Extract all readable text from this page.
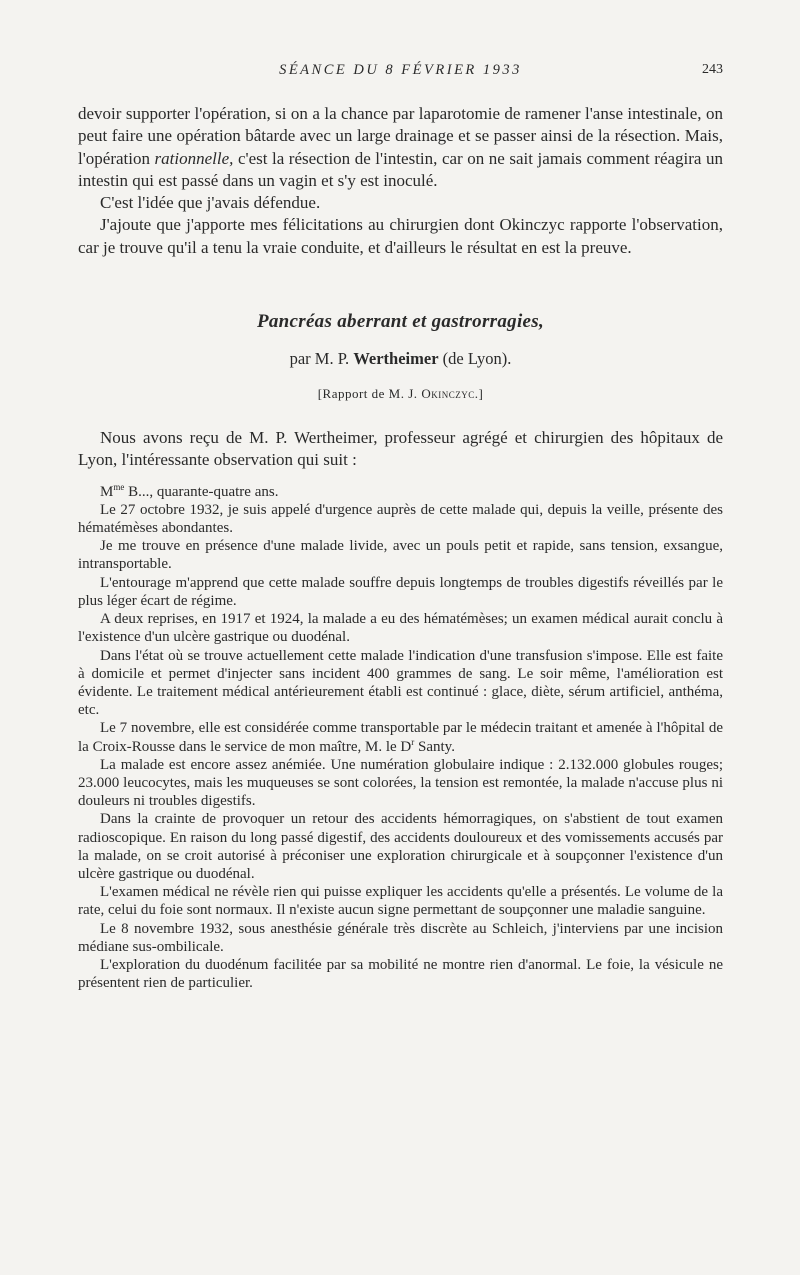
SÉANCE DU 8 FÉVRIER 1933	243

devoir supporter l'opération, si on a la chance par laparotomie de ramener l'anse intestinale, on peut faire une opération bâtarde avec un large drainage et se passer ainsi de la résection. Mais, l'opération rationnelle, c'est la résection de l'intestin, car on ne sait jamais comment réagira un intestin qui est passé dans un vagin et s'y est inoculé.

C'est l'idée que j'avais défendue.

J'ajoute que j'apporte mes félicitations au chirurgien dont Okinczyc rapporte l'observation, car je trouve qu'il a tenu la vraie conduite, et d'ailleurs le résultat en est la preuve.

Pancréas aberrant et gastrorragies,
par M. P. Wertheimer (de Lyon).
[Rapport de M. J. Okinczyc.]

Nous avons reçu de M. P. Wertheimer, professeur agrégé et chirurgien des hôpitaux de Lyon, l'intéressante observation qui suit :

$M^{me}$ B..., quarante-quatre ans.

Le 27 octobre 1932, je suis appelé d'urgence auprès de cette malade qui, depuis la veille, présente des hématémèses abondantes.

Je me trouve en présence d'une malade livide, avec un pouls petit et rapide, sans tension, exsangue, intransportable.

L'entourage m'apprend que cette malade souffre depuis longtemps de troubles digestifs réveillés par le plus léger écart de régime.

A deux reprises, en 1917 et 1924, la malade a eu des hématémèses; un examen médical aurait conclu à l'existence d'un ulcère gastrique ou duodénal.

Dans l'état où se trouve actuellement cette malade l'indication d'une transfusion s'impose. Elle est faite à domicile et permet d'injecter sans incident 400 grammes de sang. Le soir même, l'amélioration est évidente. Le traitement médical antérieurement établi est continué : glace, diète, sérum artificiel, anthéma, etc.

Le 7 novembre, elle est considérée comme transportable par le médecin traitant et amenée à l'hôpital de la Croix-Rousse dans le service de mon maître, M. le $D^r$ Santy.

La malade est encore assez anémiée. Une numération globulaire indique : 2.132.000 globules rouges; 23.000 leucocytes, mais les muqueuses se sont colorées, la tension est remontée, la malade n'accuse plus ni douleurs ni troubles digestifs.

Dans la crainte de provoquer un retour des accidents hémorragiques, on s'abstient de tout examen radioscopique. En raison du long passé digestif, des accidents douloureux et des vomissements accusés par la malade, on se croit autorisé à préconiser une exploration chirurgicale et à soupçonner l'existence d'un ulcère gastrique ou duodénal.

L'examen médical ne révèle rien qui puisse expliquer les accidents qu'elle a présentés. Le volume de la rate, celui du foie sont normaux. Il n'existe aucun signe permettant de soupçonner une maladie sanguine.

Le 8 novembre 1932, sous anesthésie générale très discrète au Schleich, j'interviens par une incision médiane sus-ombilicale.

L'exploration du duodénum facilitée par sa mobilité ne montre rien d'anormal. Le foie, la vésicule ne présentent rien de particulier.
